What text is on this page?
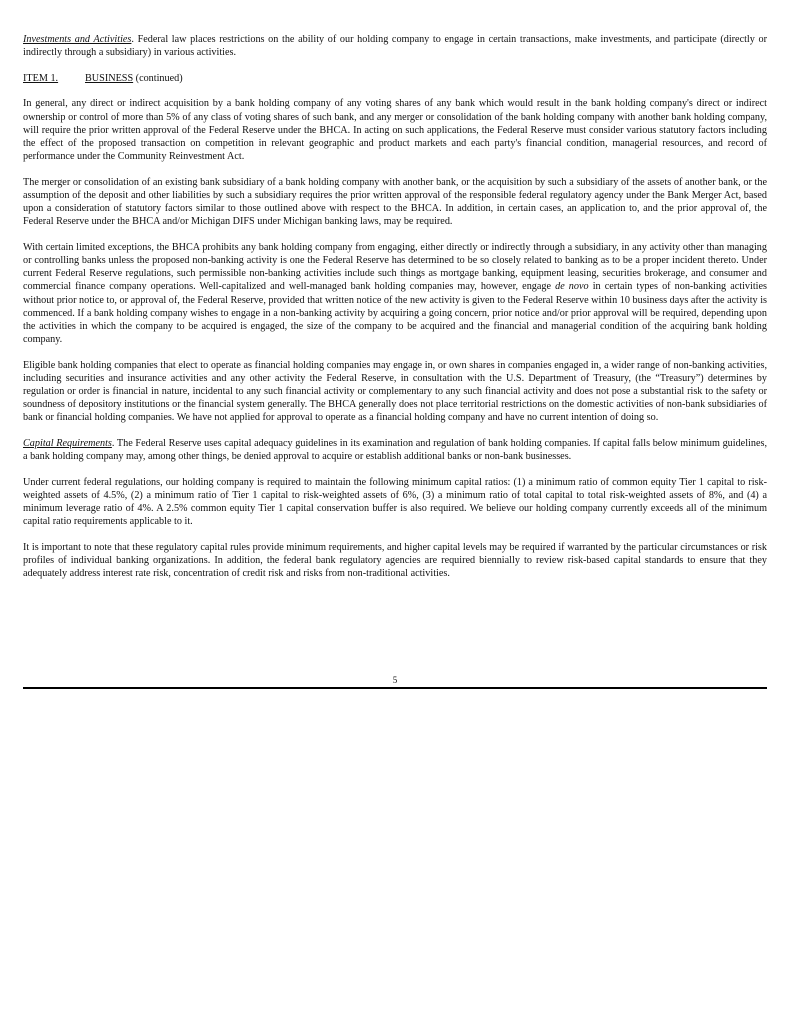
Investments and Activities. Federal law places restrictions on the ability of our holding company to engage in certain transactions, make investments, and participate (directly or indirectly through a subsidiary) in various activities.

ITEM 1.	BUSINESS (continued)

In general, any direct or indirect acquisition by a bank holding company of any voting shares of any bank which would result in the bank holding company's direct or indirect ownership or control of more than 5% of any class of voting shares of such bank, and any merger or consolidation of the bank holding company with another bank holding company, will require the prior written approval of the Federal Reserve under the BHCA. In acting on such applications, the Federal Reserve must consider various statutory factors including the effect of the proposed transaction on competition in relevant geographic and product markets and each party's financial condition, managerial resources, and record of performance under the Community Reinvestment Act.

The merger or consolidation of an existing bank subsidiary of a bank holding company with another bank, or the acquisition by such a subsidiary of the assets of another bank, or the assumption of the deposit and other liabilities by such a subsidiary requires the prior written approval of the responsible federal regulatory agency under the Bank Merger Act, based upon a consideration of statutory factors similar to those outlined above with respect to the BHCA. In addition, in certain cases, an application to, and the prior approval of, the Federal Reserve under the BHCA and/or Michigan DIFS under Michigan banking laws, may be required.

With certain limited exceptions, the BHCA prohibits any bank holding company from engaging, either directly or indirectly through a subsidiary, in any activity other than managing or controlling banks unless the proposed non-banking activity is one the Federal Reserve has determined to be so closely related to banking as to be a proper incident thereto. Under current Federal Reserve regulations, such permissible non-banking activities include such things as mortgage banking, equipment leasing, securities brokerage, and consumer and commercial finance company operations. Well-capitalized and well-managed bank holding companies may, however, engage de novo in certain types of non-banking activities without prior notice to, or approval of, the Federal Reserve, provided that written notice of the new activity is given to the Federal Reserve within 10 business days after the activity is commenced. If a bank holding company wishes to engage in a non-banking activity by acquiring a going concern, prior notice and/or prior approval will be required, depending upon the activities in which the company to be acquired is engaged, the size of the company to be acquired and the financial and managerial condition of the acquiring bank holding company.

Eligible bank holding companies that elect to operate as financial holding companies may engage in, or own shares in companies engaged in, a wider range of non-banking activities, including securities and insurance activities and any other activity the Federal Reserve, in consultation with the U.S. Department of Treasury, (the “Treasury”) determines by regulation or order is financial in nature, incidental to any such financial activity or complementary to any such financial activity and does not pose a substantial risk to the safety or soundness of depository institutions or the financial system generally. The BHCA generally does not place territorial restrictions on the domestic activities of non-bank subsidiaries of bank or financial holding companies. We have not applied for approval to operate as a financial holding company and have no current intention of doing so.

Capital Requirements. The Federal Reserve uses capital adequacy guidelines in its examination and regulation of bank holding companies. If capital falls below minimum guidelines, a bank holding company may, among other things, be denied approval to acquire or establish additional banks or non-bank businesses.

Under current federal regulations, our holding company is required to maintain the following minimum capital ratios: (1) a minimum ratio of common equity Tier 1 capital to risk-weighted assets of 4.5%, (2) a minimum ratio of Tier 1 capital to risk-weighted assets of 6%, (3) a minimum ratio of total capital to total risk-weighted assets of 8%, and (4) a minimum leverage ratio of 4%. A 2.5% common equity Tier 1 capital conservation buffer is also required. We believe our holding company currently exceeds all of the minimum capital ratio requirements applicable to it.

It is important to note that these regulatory capital rules provide minimum requirements, and higher capital levels may be required if warranted by the particular circumstances or risk profiles of individual banking organizations. In addition, the federal bank regulatory agencies are required biennially to review risk-based capital standards to ensure that they adequately address interest rate risk, concentration of credit risk and risks from non-traditional activities.

5
